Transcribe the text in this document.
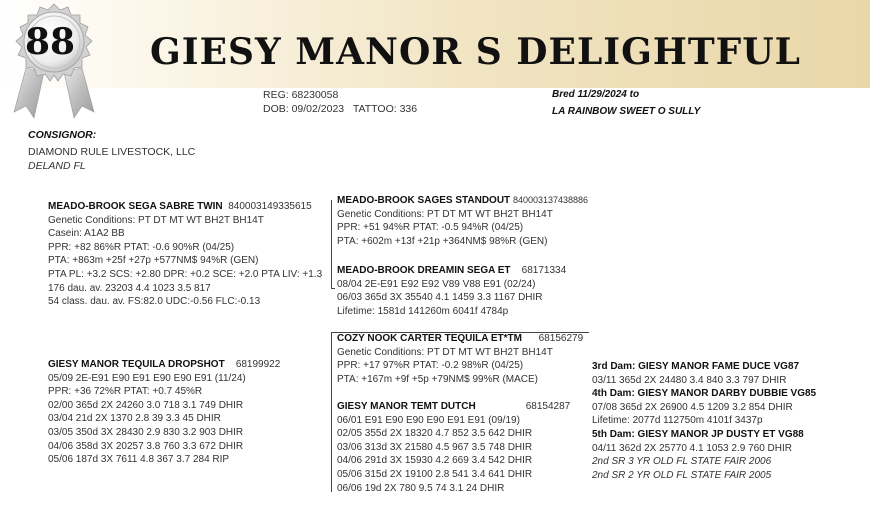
88	GIESY MANOR S DELIGHTFUL
REG: 68230058
DOB: 09/02/2023 TATTOO: 336
Bred 11/29/2024 to
LA RAINBOW SWEET O SULLY
CONSIGNOR:
DIAMOND RULE LIVESTOCK, LLC
DELAND FL
MEADO-BROOK SEGA SABRE TWIN 840003149335615
Genetic Conditions: PT DT MT WT BH2T BH14T
Casein: A1A2 BB
PPR: +82 86%R PTAT: -0.6 90%R (04/25)
PTA: +863m +25f +27p +577NM$ 94%R (GEN)
PTA PL: +3.2 SCS: +2.80 DPR: +0.2 SCE: +2.0 PTA LIV: +1.3
176 dau. av. 23203 4.4 1023 3.5 817
54 class. dau. av. FS:82.0 UDC:-0.56 FLC:-0.13
MEADO-BROOK SAGES STANDOUT 840003137438886
Genetic Conditions: PT DT MT WT BH2T BH14T
PPR: +51 94%R PTAT: -0.5 94%R (04/25)
PTA: +602m +13f +21p +364NM$ 98%R (GEN)
MEADO-BROOK DREAMIN SEGA ET 68171334
08/04 2E-E91 E92 E92 V89 V88 E91 (02/24)
06/03 365d 3X 35540 4.1 1459 3.3 1167 DHIR
Lifetime: 1581d 141260m 6041f 4784p
GIESY MANOR TEQUILA DROPSHOT 68199922
05/09 2E-E91 E90 E91 E90 E90 E91 (11/24)
PPR: +36 72%R PTAT: +0.7 45%R
02/00 365d 2X 24260 3.0 718 3.1 749 DHIR
03/04 21d 2X 1370 2.8 39 3.3 45 DHIR
03/05 350d 3X 28430 2.9 830 3.2 903 DHIR
04/06 358d 3X 20257 3.8 760 3.3 672 DHIR
05/06 187d 3X 7611 4.8 367 3.7 284 RIP
COZY NOOK CARTER TEQUILA ET*TM 68156279
Genetic Conditions: PT DT MT WT BH2T BH14T
PPR: +17 97%R PTAT: -0.2 98%R (04/25)
PTA: +167m +9f +5p +79NM$ 99%R (MACE)
GIESY MANOR TEMT DUTCH	68154287
06/01 E91 E90 E90 E90 E91 E91 (09/19)
02/05 355d 2X 18320 4.7 852 3.5 642 DHIR
03/06 313d 3X 21580 4.5 967 3.5 748 DHIR
04/06 291d 3X 15930 4.2 669 3.4 542 DHIR
05/06 315d 2X 19100 2.8 541 3.4 641 DHIR
06/06 19d 2X 780 9.5 74 3.1 24 DHIR
3rd Dam: GIESY MANOR FAME DUCE VG87
03/11 365d 2X 24480 3.4 840 3.3 797 DHIR
4th Dam: GIESY MANOR DARBY DUBBIE VG85
07/08 365d 2X 26900 4.5 1209 3.2 854 DHIR
Lifetime: 2077d 112750m 4101f 3437p
5th Dam: GIESY MANOR JP DUSTY ET VG88
04/11 362d 2X 25770 4.1 1053 2.9 760 DHIR
2nd SR 3 YR OLD FL STATE FAIR 2006
2nd SR 2 YR OLD FL STATE FAIR 2005
